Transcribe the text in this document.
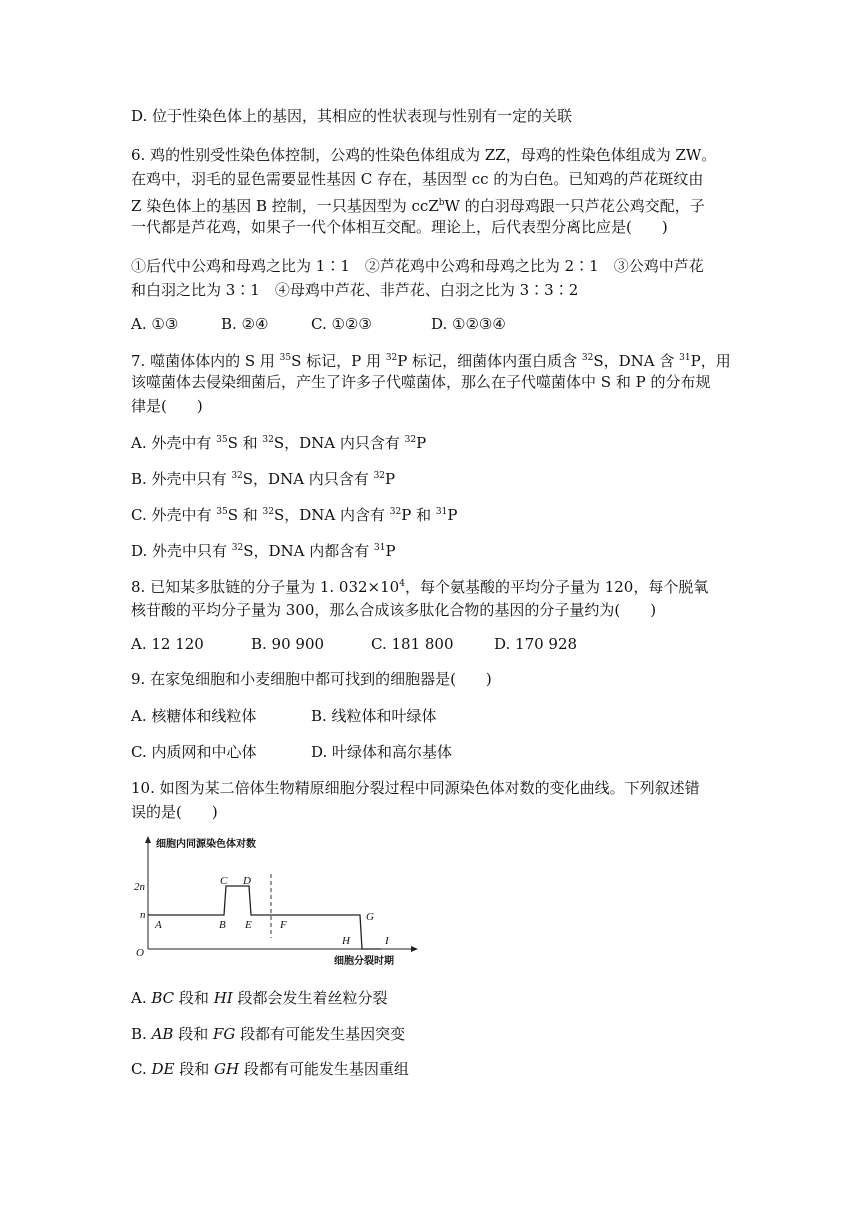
D. 位于性染色体上的基因，其相应的性状表现与性别有一定的关联
6. 鸡的性别受性染色体控制，公鸡的性染色体组成为 ZZ，母鸡的性染色体组成为 ZW。
在鸡中，羽毛的显色需要显性基因 C 存在，基因型 cc 的为白色。已知鸡的芦花斑纹由
Z 染色体上的基因 B 控制，一只基因型为 ccZ$^b$W 的白羽母鸡跟一只芦花公鸡交配，子
一代都是芦花鸡，如果子一代个体相互交配。理论上，后代表型分离比应是(　　)
①后代中公鸡和母鸡之比为 1∶1　②芦花鸡中公鸡和母鸡之比为 2∶1　③公鸡中芦花
和白羽之比为 3∶1　④母鸡中芦花、非芦花、白羽之比为 3∶3∶2
A. ①③	B. ②④	C. ①②③	D. ①②③④
7. 噬菌体体内的 S 用 $^{35}$S 标记，P 用 $^{32}$P 标记，细菌体内蛋白质含 $^{32}$S，DNA 含 $^{31}$P，用
该噬菌体去侵染细菌后，产生了许多子代噬菌体，那么在子代噬菌体中 S 和 P 的分布规
律是(　　)
A. 外壳中有 $^{35}$S 和 $^{32}$S，DNA 内只含有 $^{32}$P
B. 外壳中只有 $^{32}$S，DNA 内只含有 $^{32}$P
C. 外壳中有 $^{35}$S 和 $^{32}$S，DNA 内含有 $^{32}$P 和 $^{31}$P
D. 外壳中只有 $^{32}$S，DNA 内都含有 $^{31}$P
8. 已知某多肽链的分子量为 1. $032\times 10^4$，每个氨基酸的平均分子量为 120，每个脱氧
核苷酸的平均分子量为 300，那么合成该多肽化合物的基因的分子量约为(　　)
A. 12 120	B. 90 900	C. 181 800	D. 170 928
9. 在家兔细胞和小麦细胞中都可找到的细胞器是(　　)
A. 核糖体和线粒体	B. 线粒体和叶绿体
C. 内质网和中心体	D. 叶绿体和高尔基体
10. 如图为某二倍体生物精原细胞分裂过程中同源染色体对数的变化曲线。下列叙述错
误的是(　　)
细胞内同源染色体对数
细胞分裂时期
O
n
2n
A	B
C D
E	F
G
H	I
A. BC 段和 HI 段都会发生着丝粒分裂
B. AB 段和 FG 段都有可能发生基因突变
C. DE 段和 GH 段都有可能发生基因重组
